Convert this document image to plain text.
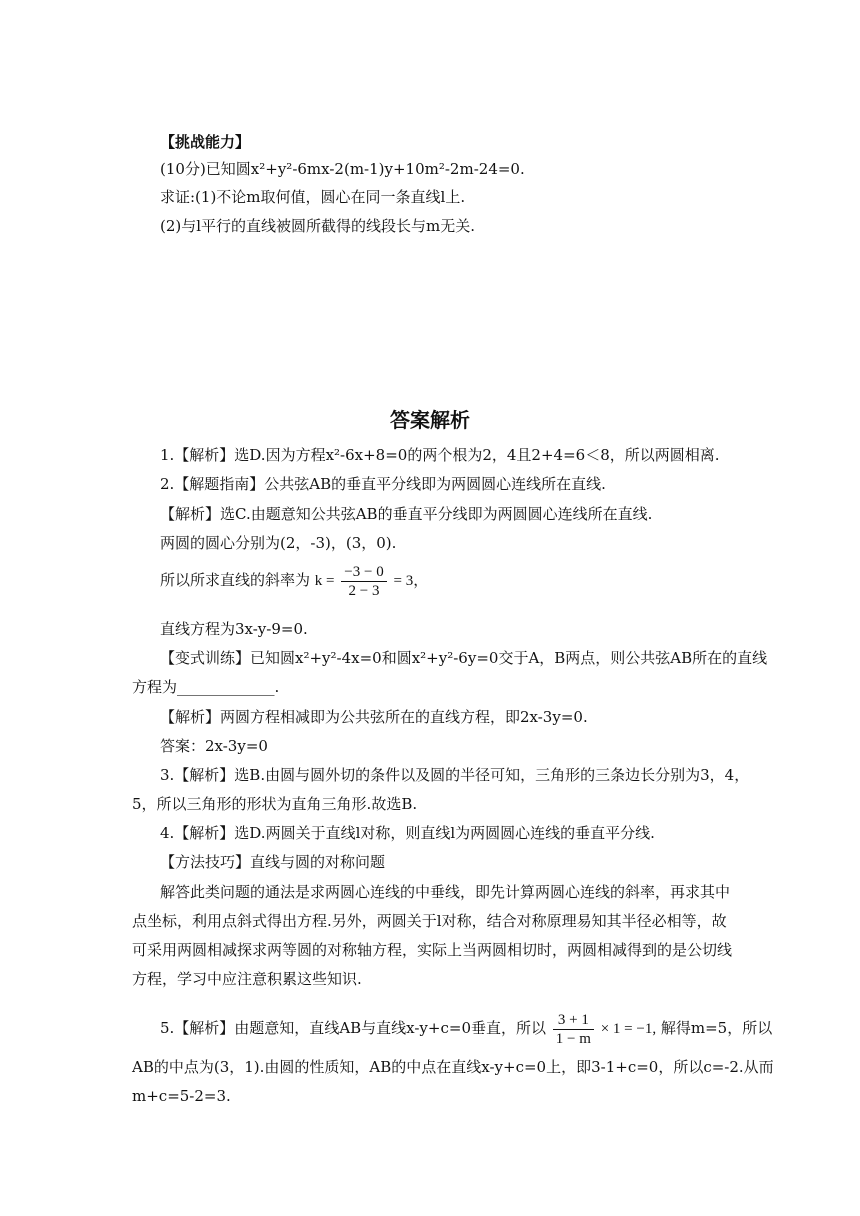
【挑战能力】
(10分)已知圆x²+y²-6mx-2(m-1)y+10m²-2m-24=0.
求证:(1)不论m取何值，圆心在同一条直线l上.
(2)与l平行的直线被圆所截得的线段长与m无关.
答案解析
1.【解析】选D.因为方程x²-6x+8=0的两个根为2，4且2+4=6＜8，所以两圆相离.
2.【解题指南】公共弦AB的垂直平分线即为两圆圆心连线所在直线.
【解析】选C.由题意知公共弦AB的垂直平分线即为两圆圆心连线所在直线.
两圆的圆心分别为(2，-3)，(3，0).
所以所求直线的斜率为 $k = \frac{-3 - 0}{2 - 3} = 3$，
直线方程为3x-y-9=0.
【变式训练】已知圆x²+y²-4x=0和圆x²+y²-6y=0交于A，B两点，则公共弦AB所在的直线
方程为_____________.
【解析】两圆方程相减即为公共弦所在的直线方程，即2x-3y=0.
答案：2x-3y=0
3.【解析】选B.由圆与圆外切的条件以及圆的半径可知，三角形的三条边长分别为3，4，
5，所以三角形的形状为直角三角形.故选B.
4.【解析】选D.两圆关于直线l对称，则直线l为两圆圆心连线的垂直平分线.
【方法技巧】直线与圆的对称问题
解答此类问题的通法是求两圆心连线的中垂线，即先计算两圆心连线的斜率，再求其中
点坐标，利用点斜式得出方程.另外，两圆关于l对称，结合对称原理易知其半径必相等，故
可采用两圆相减探求两等圆的对称轴方程，实际上当两圆相切时，两圆相减得到的是公切线
方程，学习中应注意积累这些知识.
5.【解析】由题意知，直线AB与直线x-y+c=0垂直，所以 $\frac{3 + 1}{1 - m} \times 1 = -1$, 解得m=5，所以
AB的中点为(3，1).由圆的性质知，AB的中点在直线x-y+c=0上，即3-1+c=0，所以c=-2.从而
m+c=5-2=3.
